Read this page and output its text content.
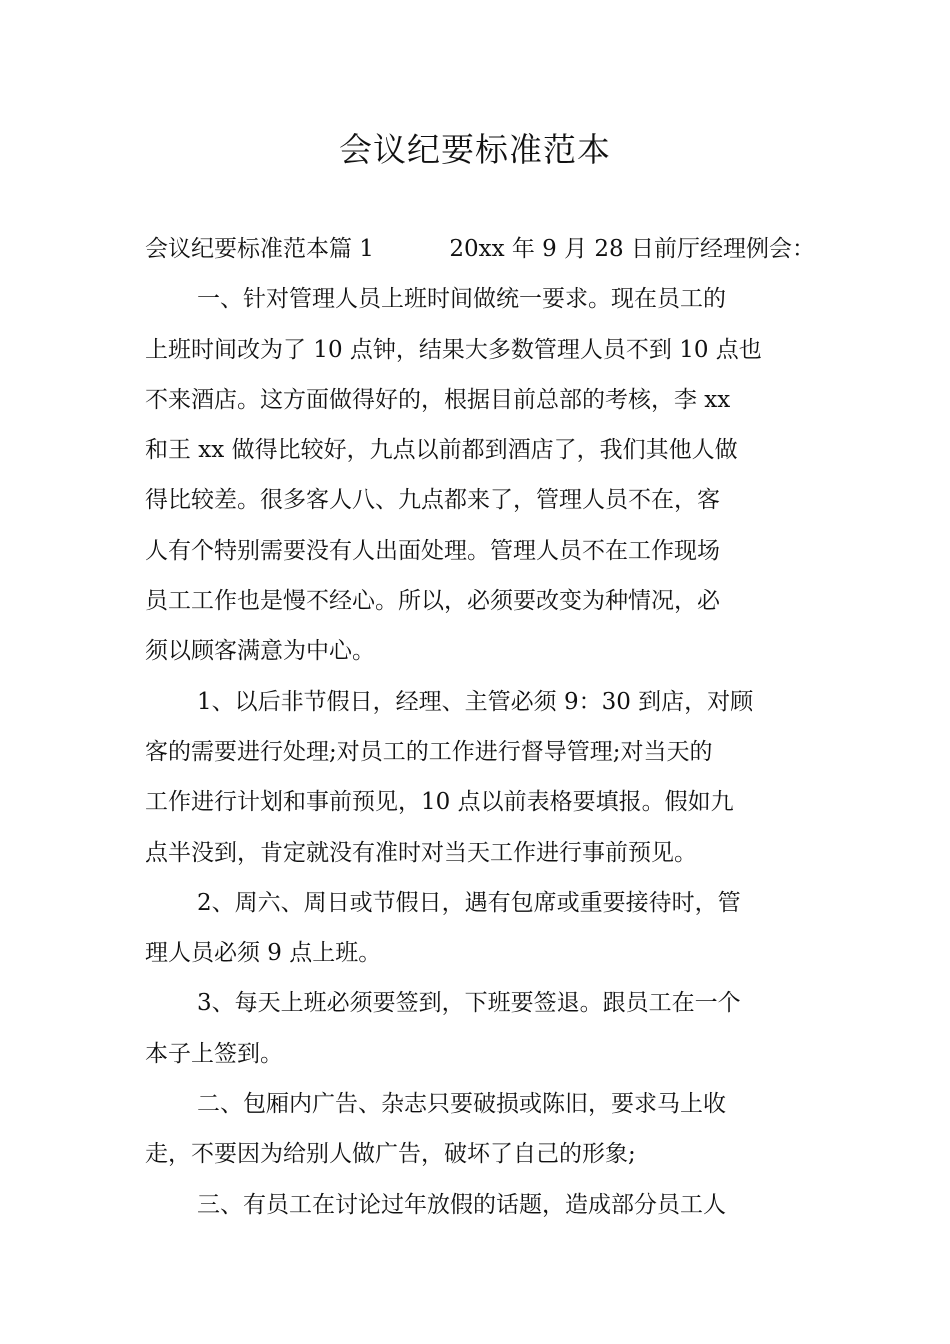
会议纪要标准范本
会议纪要标准范本篇 1	20xx 年 9 月 28 日前厅经理例会：
一、针对管理人员上班时间做统一要求。现在员工的
上班时间改为了 10 点钟，结果大多数管理人员不到 10 点也
不来酒店。这方面做得好的，根据目前总部的考核，李 xx
和王 xx 做得比较好，九点以前都到酒店了，我们其他人做
得比较差。很多客人八、九点都来了，管理人员不在，客
人有个特别需要没有人出面处理。管理人员不在工作现场
员工工作也是慢不经心。所以，必须要改变为种情况，必
须以顾客满意为中心。
1、以后非节假日，经理、主管必须 9：30 到店，对顾
客的需要进行处理;对员工的工作进行督导管理;对当天的
工作进行计划和事前预见，10 点以前表格要填报。假如九
点半没到，肯定就没有准时对当天工作进行事前预见。
2、周六、周日或节假日，遇有包席或重要接待时，管
理人员必须 9 点上班。
3、每天上班必须要签到，下班要签退。跟员工在一个
本子上签到。
二、包厢内广告、杂志只要破损或陈旧，要求马上收
走，不要因为给别人做广告，破坏了自己的形象;
三、有员工在讨论过年放假的话题，造成部分员工人
